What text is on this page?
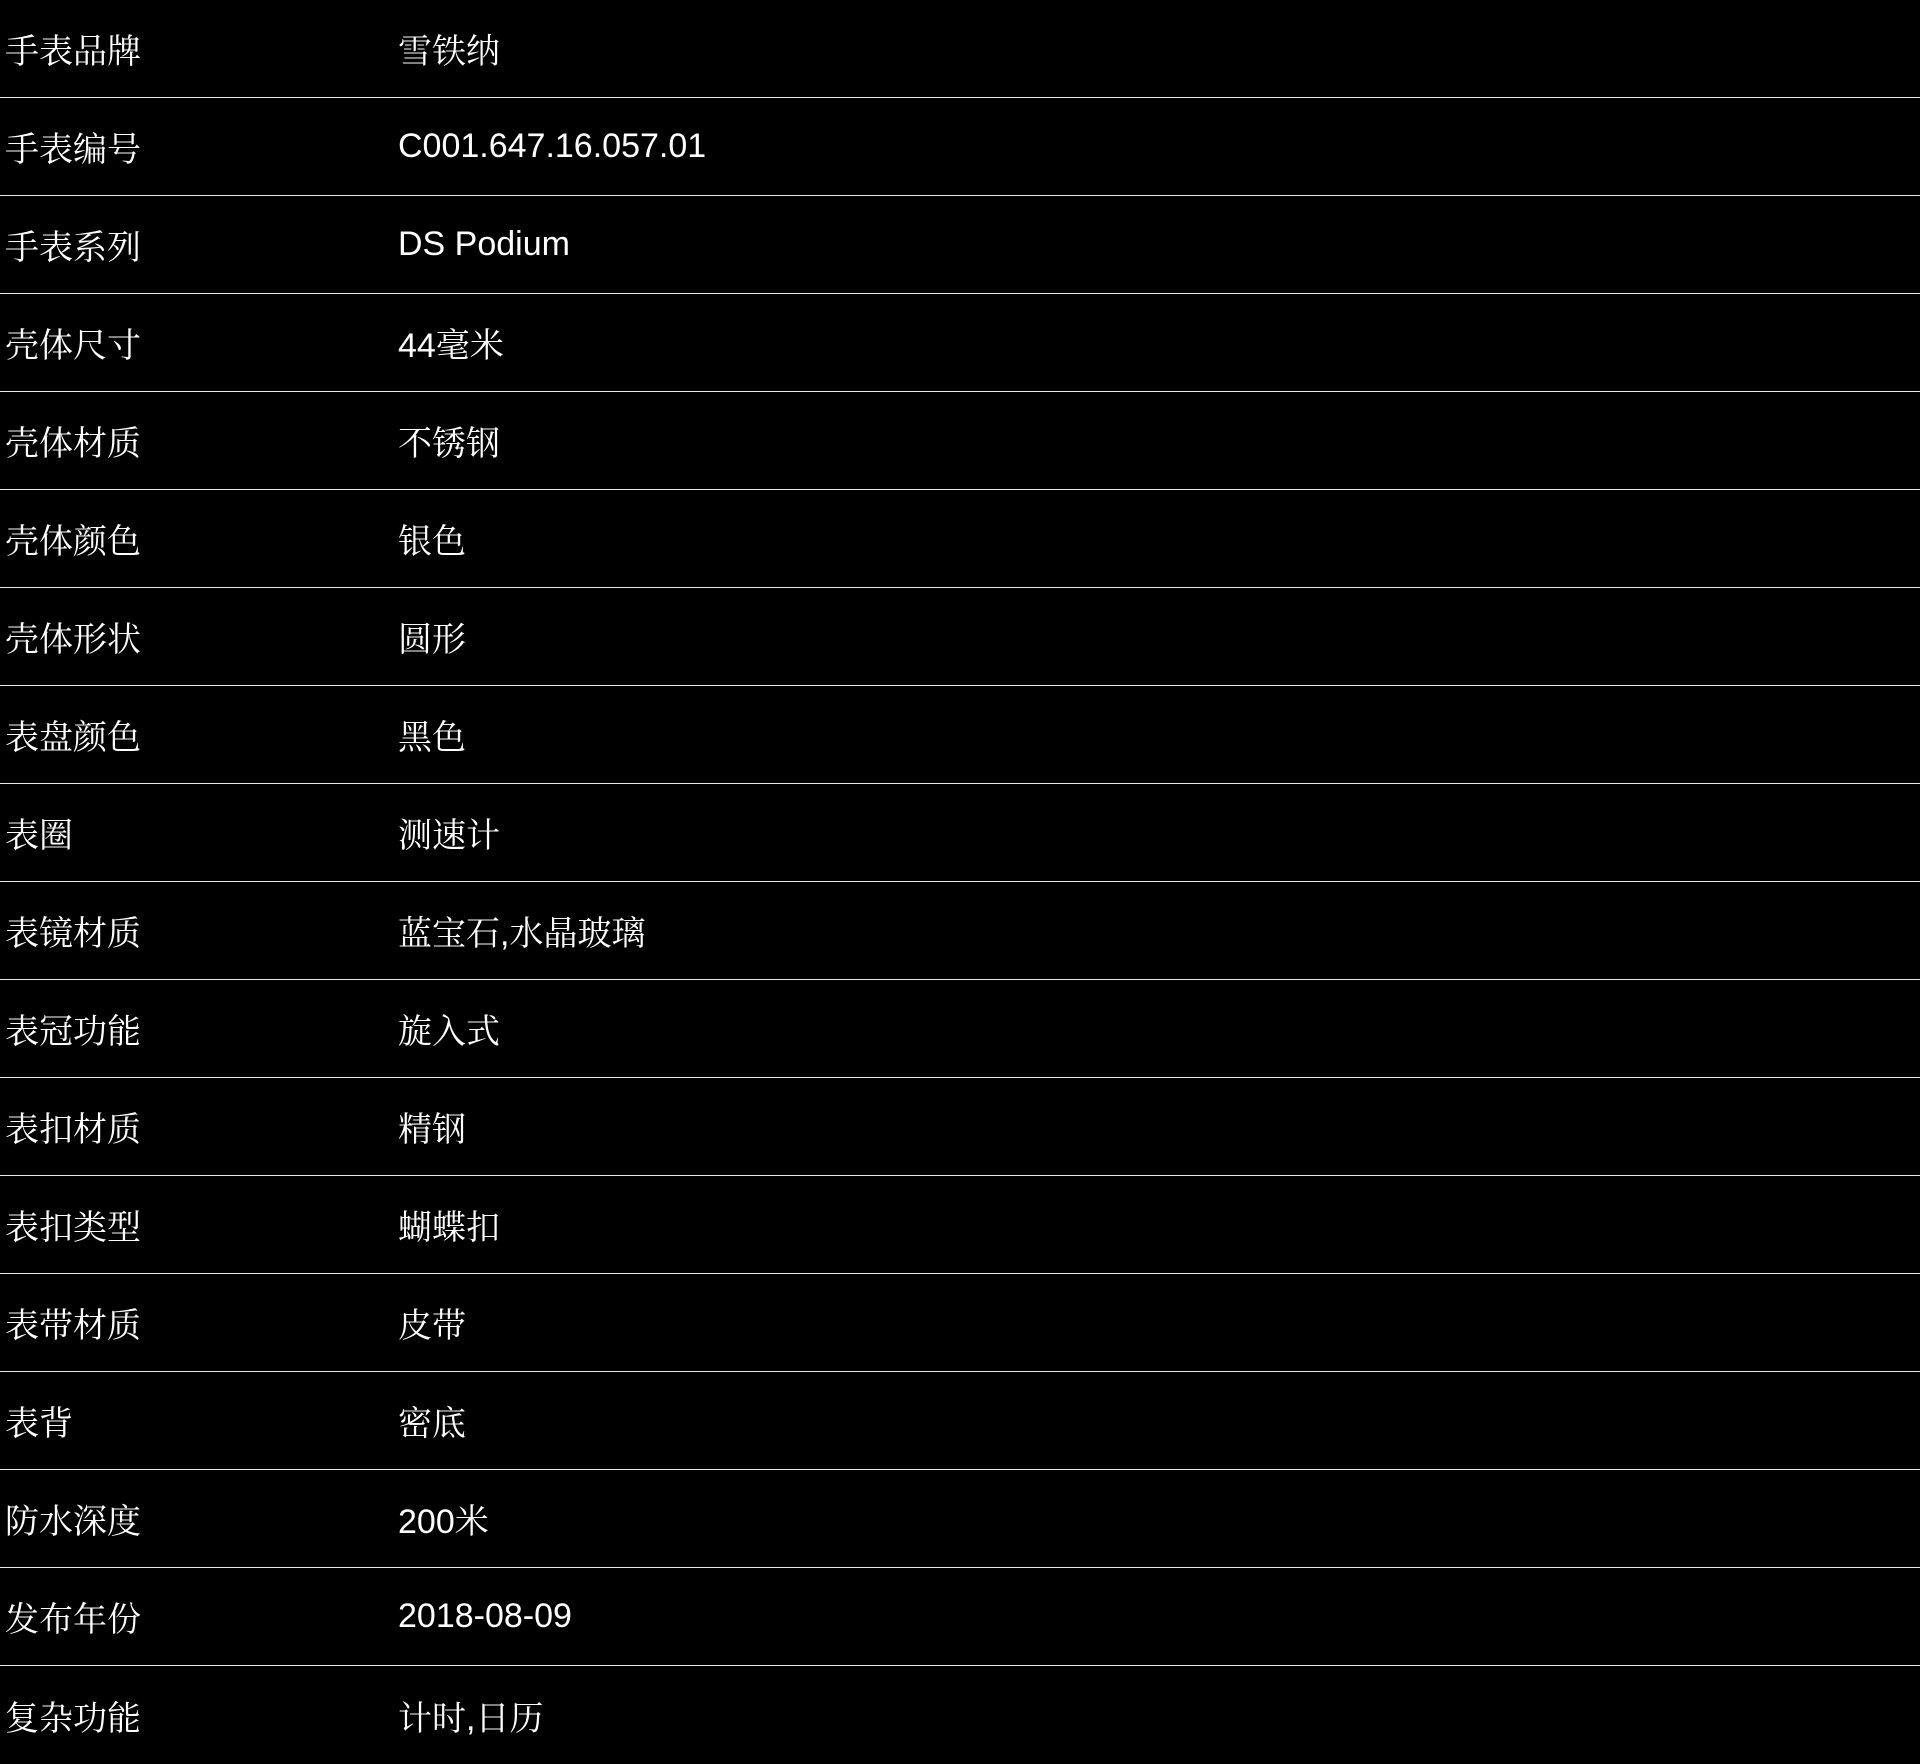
手表品牌	雪铁纳
手表编号	C001.647.16.057.01
手表系列	DS Podium
壳体尺寸	44毫米
壳体材质	不锈钢
壳体颜色	银色
壳体形状	圆形
表盘颜色	黑色
表圈	测速计
表镜材质	蓝宝石,水晶玻璃
表冠功能	旋入式
表扣材质	精钢
表扣类型	蝴蝶扣
表带材质	皮带
表背	密底
防水深度	200米
发布年份	2018-08-09
复杂功能	计时,日历
